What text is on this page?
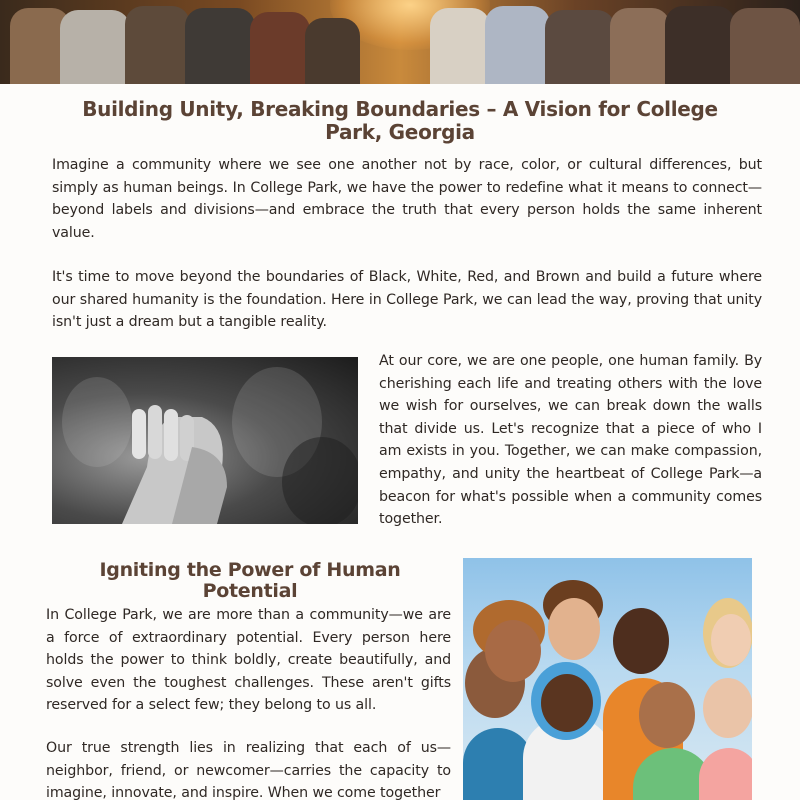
Building Unity, Breaking Boundaries – A Vision for College Park, Georgia

Imagine a community where we see one another not by race, color, or cultural differences, but simply as human beings. In College Park, we have the power to redefine what it means to connect—beyond labels and divisions—and embrace the truth that every person holds the same inherent value.

It's time to move beyond the boundaries of Black, White, Red, and Brown and build a future where our shared humanity is the foundation. Here in College Park, we can lead the way, proving that unity isn't just a dream but a tangible reality.

At our core, we are one people, one human family. By cherishing each life and treating others with the love we wish for ourselves, we can break down the walls that divide us. Let's recognize that a piece of who I am exists in you. Together, we can make compassion, empathy, and unity the heartbeat of College Park—a beacon for what's possible when a community comes together.

Igniting the Power of Human Potential

In College Park, we are more than a community—we are a force of extraordinary potential. Every person here holds the power to think boldly, create beautifully, and solve even the toughest challenges. These aren't gifts reserved for a select few; they belong to us all.

Our true strength lies in realizing that each of us—neighbor, friend, or newcomer—carries the capacity to imagine, innovate, and inspire. When we come together
